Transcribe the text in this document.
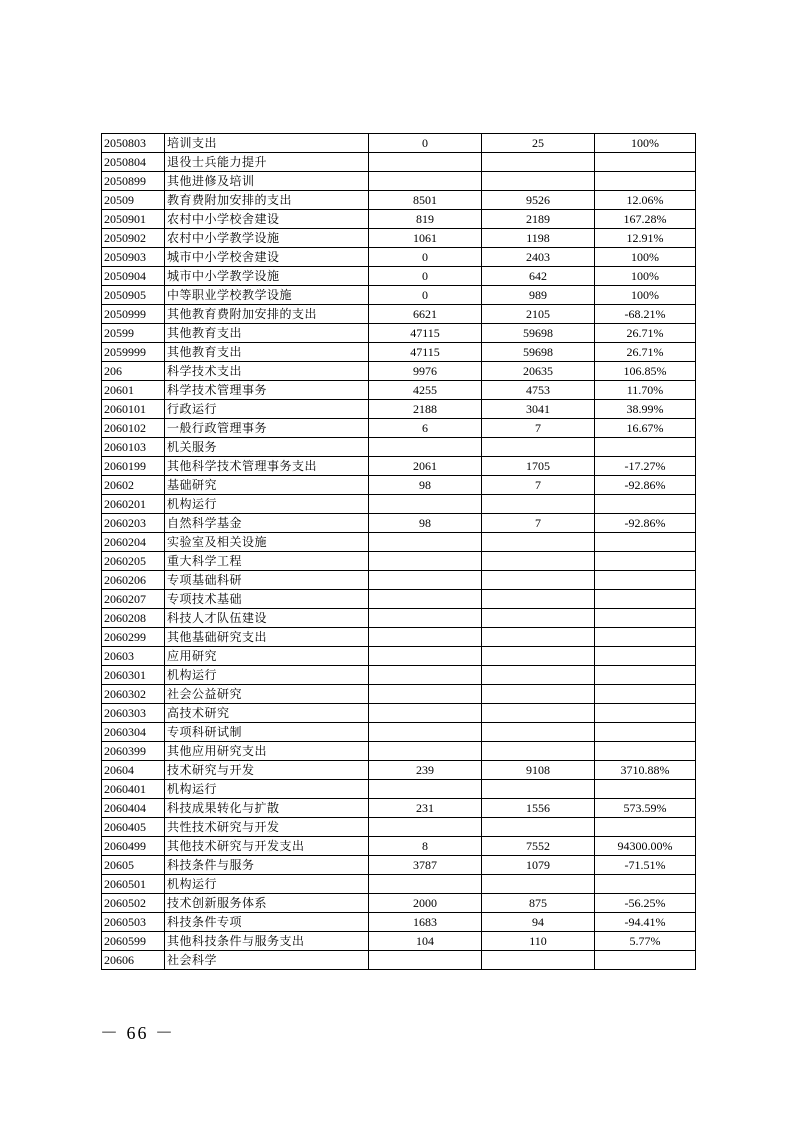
2050803	培训支出	0	25	100%
2050804	退役士兵能力提升			
2050899	其他进修及培训			
20509	教育费附加安排的支出	8501	9526	12.06%
2050901	农村中小学校舍建设	819	2189	167.28%
2050902	农村中小学教学设施	1061	1198	12.91%
2050903	城市中小学校舍建设	0	2403	100%
2050904	城市中小学教学设施	0	642	100%
2050905	中等职业学校教学设施	0	989	100%
2050999	其他教育费附加安排的支出	6621	2105	-68.21%
20599	其他教育支出	47115	59698	26.71%
2059999	其他教育支出	47115	59698	26.71%
206	科学技术支出	9976	20635	106.85%
20601	科学技术管理事务	4255	4753	11.70%
2060101	行政运行	2188	3041	38.99%
2060102	一般行政管理事务	6	7	16.67%
2060103	机关服务			
2060199	其他科学技术管理事务支出	2061	1705	-17.27%
20602	基础研究	98	7	-92.86%
2060201	机构运行			
2060203	自然科学基金	98	7	-92.86%
2060204	实验室及相关设施			
2060205	重大科学工程			
2060206	专项基础科研			
2060207	专项技术基础			
2060208	科技人才队伍建设			
2060299	其他基础研究支出			
20603	应用研究			
2060301	机构运行			
2060302	社会公益研究			
2060303	高技术研究			
2060304	专项科研试制			
2060399	其他应用研究支出			
20604	技术研究与开发	239	9108	3710.88%
2060401	机构运行			
2060404	科技成果转化与扩散	231	1556	573.59%
2060405	共性技术研究与开发			
2060499	其他技术研究与开发支出	8	7552	94300.00%
20605	科技条件与服务	3787	1079	-71.51%
2060501	机构运行			
2060502	技术创新服务体系	2000	875	-56.25%
2060503	科技条件专项	1683	94	-94.41%
2060599	其他科技条件与服务支出	104	110	5.77%
20606	社会科学			
－ 66 －
